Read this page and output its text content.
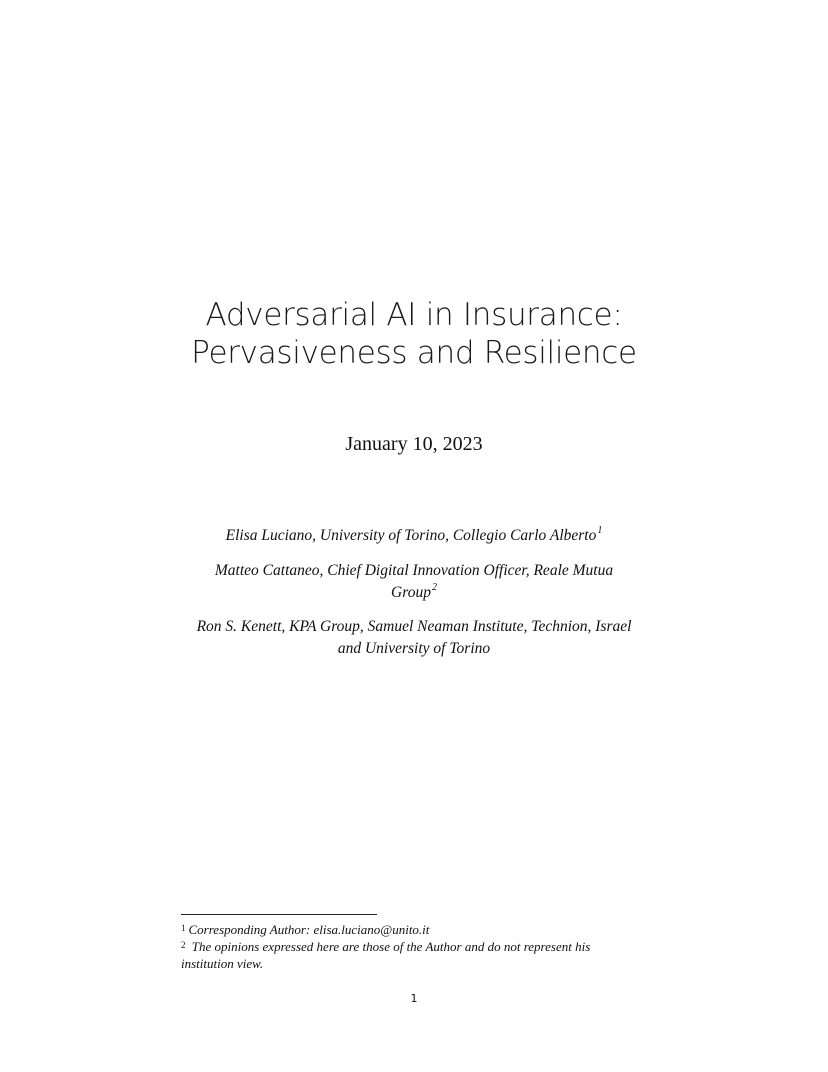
Adversarial AI in Insurance:
Pervasiveness and Resilience
January 10, 2023
Elisa Luciano, University of Torino, Collegio Carlo Alberto$^1$
Matteo Cattaneo, Chief Digital Innovation Officer, Reale Mutua
Group$^2$
Ron S. Kenett, KPA Group, Samuel Neaman Institute, Technion, Israel
and University of Torino
$^1$ Corresponding Author: elisa.luciano@unito.it
$^2$ The opinions expressed here are those of the Author and do not represent his
institution view.
1
